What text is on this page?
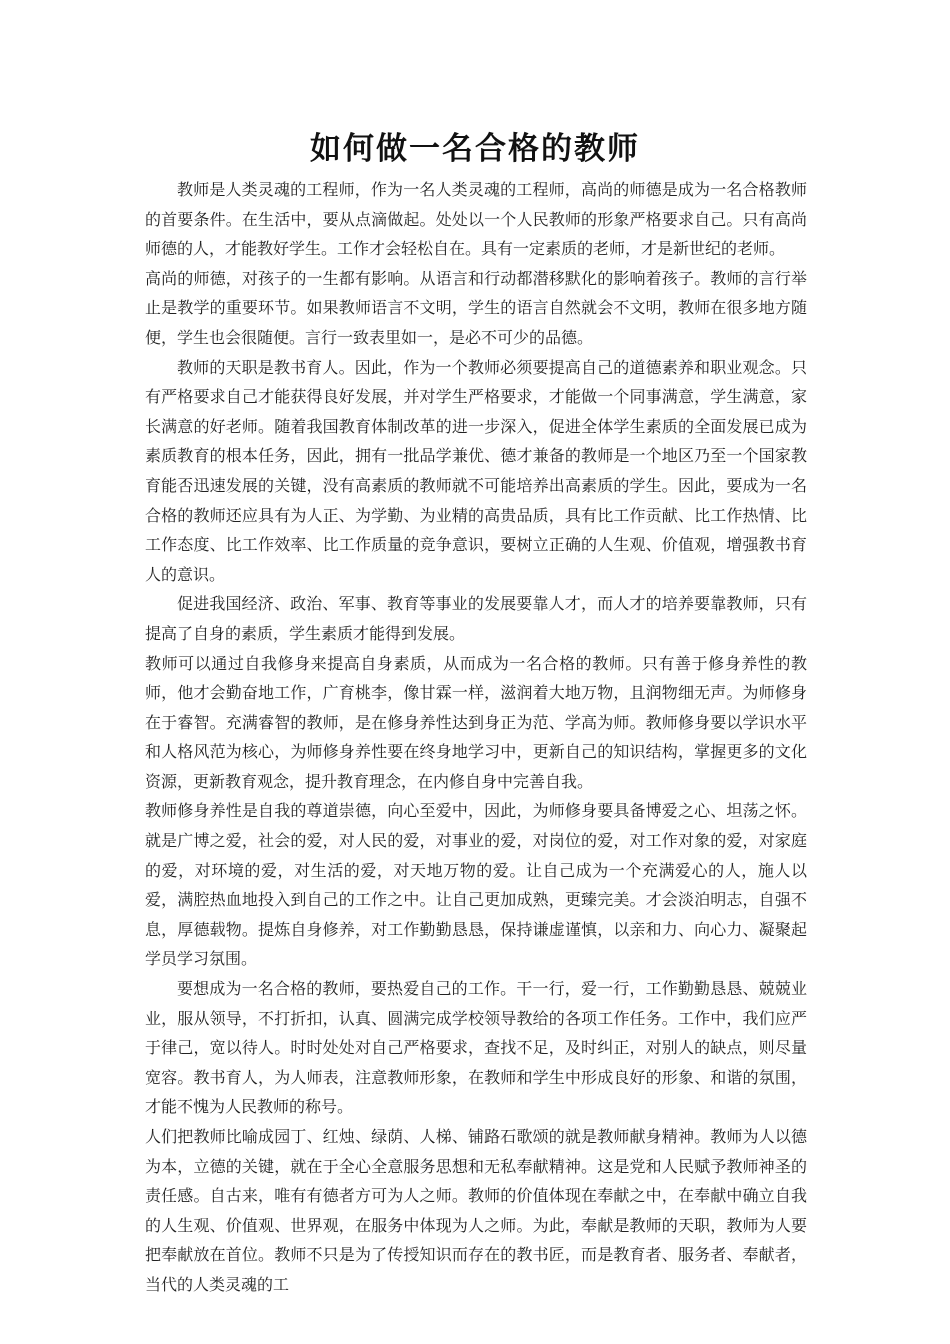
如何做一名合格的教师

教师是人类灵魂的工程师，作为一名人类灵魂的工程师，高尚的师德是成为一名合格教师的首要条件。在生活中，要从点滴做起。处处以一个人民教师的形象严格要求自己。只有高尚师德的人，才能教好学生。工作才会轻松自在。具有一定素质的老师，才是新世纪的老师。

高尚的师德，对孩子的一生都有影响。从语言和行动都潜移默化的影响着孩子。教师的言行举止是教学的重要环节。如果教师语言不文明，学生的语言自然就会不文明，教师在很多地方随便，学生也会很随便。言行一致表里如一，是必不可少的品德。

教师的天职是教书育人。因此，作为一个教师必须要提高自己的道德素养和职业观念。只有严格要求自己才能获得良好发展，并对学生严格要求，才能做一个同事满意，学生满意，家长满意的好老师。随着我国教育体制改革的进一步深入，促进全体学生素质的全面发展已成为素质教育的根本任务，因此，拥有一批品学兼优、德才兼备的教师是一个地区乃至一个国家教育能否迅速发展的关键，没有高素质的教师就不可能培养出高素质的学生。因此，要成为一名合格的教师还应具有为人正、为学勤、为业精的高贵品质，具有比工作贡献、比工作热情、比工作态度、比工作效率、比工作质量的竞争意识，要树立正确的人生观、价值观，增强教书育人的意识。

促进我国经济、政治、军事、教育等事业的发展要靠人才，而人才的培养要靠教师，只有提高了自身的素质，学生素质才能得到发展。

教师可以通过自我修身来提高自身素质，从而成为一名合格的教师。只有善于修身养性的教师，他才会勤奋地工作，广育桃李，像甘霖一样，滋润着大地万物，且润物细无声。为师修身在于睿智。充满睿智的教师，是在修身养性达到身正为范、学高为师。教师修身要以学识水平和人格风范为核心，为师修身养性要在终身地学习中，更新自己的知识结构，掌握更多的文化资源，更新教育观念，提升教育理念，在内修自身中完善自我。

教师修身养性是自我的尊道崇德，向心至爱中，因此，为师修身要具备博爱之心、坦荡之怀。就是广博之爱，社会的爱，对人民的爱，对事业的爱，对岗位的爱，对工作对象的爱，对家庭的爱，对环境的爱，对生活的爱，对天地万物的爱。让自己成为一个充满爱心的人，施人以爱，满腔热血地投入到自己的工作之中。让自己更加成熟，更臻完美。才会淡泊明志，自强不息，厚德载物。提炼自身修养，对工作勤勤恳恳，保持谦虚谨慎，以亲和力、向心力、凝聚起学员学习氛围。

要想成为一名合格的教师，要热爱自己的工作。干一行，爱一行，工作勤勤恳恳、兢兢业业，服从领导，不打折扣，认真、圆满完成学校领导教给的各项工作任务。工作中，我们应严于律己，宽以待人。时时处处对自己严格要求，查找不足，及时纠正，对别人的缺点，则尽量宽容。教书育人，为人师表，注意教师形象，在教师和学生中形成良好的形象、和谐的氛围，才能不愧为人民教师的称号。

人们把教师比喻成园丁、红烛、绿荫、人梯、铺路石歌颂的就是教师献身精神。教师为人以德为本，立德的关键，就在于全心全意服务思想和无私奉献精神。这是党和人民赋予教师神圣的责任感。自古来，唯有有德者方可为人之师。教师的价值体现在奉献之中，在奉献中确立自我的人生观、价值观、世界观，在服务中体现为人之师。为此，奉献是教师的天职，教师为人要把奉献放在首位。教师不只是为了传授知识而存在的教书匠，而是教育者、服务者、奉献者，当代的人类灵魂的工
